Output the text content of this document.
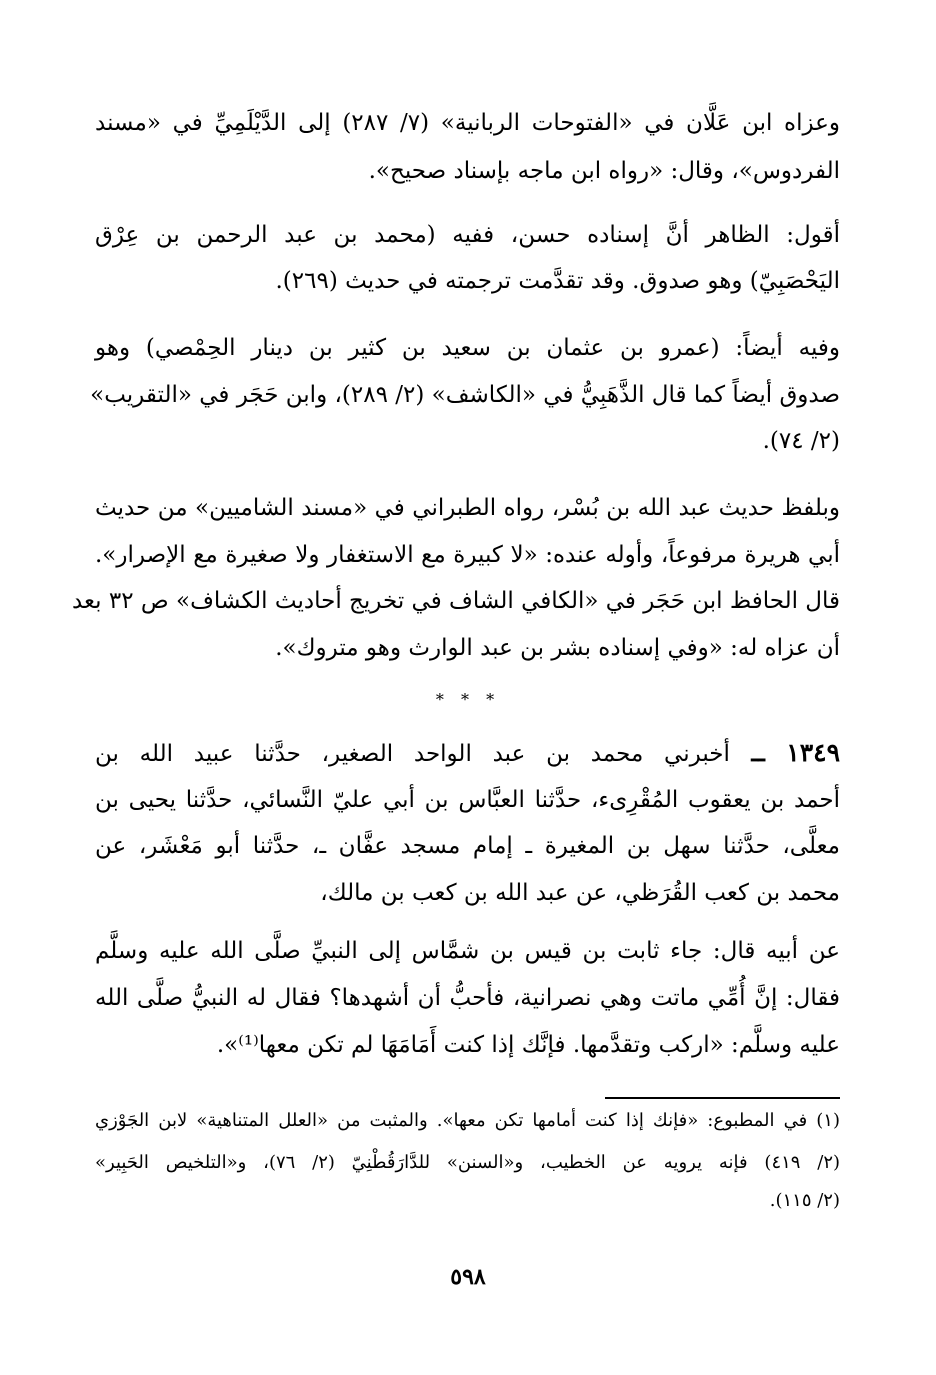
وعزاه ابن عَلَّان في «الفتوحات الربانية» (٧/ ٢٨٧) إلى الدَّيْلَمِيِّ في «مسند
الفردوس»، وقال: «رواه ابن ماجه بإسناد صحيح».
أقول: الظاهر أنَّ إسناده حسن، ففيه (محمد بن عبد الرحمن بن عِرْق
اليَحْصَبِيّ) وهو صدوق. وقد تقدَّمت ترجمته في حديث (٢٦٩).
وفيه أيضاً: (عمرو بن عثمان بن سعيد بن كثير بن دينار الحِمْصي) وهو
صدوق أيضاً كما قال الذَّهَبِيُّ في «الكاشف» (٢/ ٢٨٩)، وابن حَجَر في «التقريب»
(٢/ ٧٤).
وبلفظ حديث عبد الله بن بُسْر، رواه الطبراني في «مسند الشاميين» من حديث
أبي هريرة مرفوعاً، وأوله عنده: «لا كبيرة مع الاستغفار ولا صغيرة مع الإصرار».
قال الحافظ ابن حَجَر في «الكافي الشاف في تخريج أحاديث الكشاف» ص ٣٢ بعد
أن عزاه له: «وفي إسناده بشر بن عبد الوارث وهو متروك».
* * *
١٣٤٩ ــ أخبرني محمد بن عبد الواحد الصغير، حدَّثنا عبيد الله بن
أحمد بن يعقوب المُقْرِىء، حدَّثنا العبَّاس بن أبي عليّ النَّسائي، حدَّثنا يحيى بن
معلَّى، حدَّثنا سهل بن المغيرة ـ إمام مسجد عفَّان ـ، حدَّثنا أبو مَعْشَر، عن
محمد بن كعب القُرَظي، عن عبد الله بن كعب بن مالك،
عن أبيه قال: جاء ثابت بن قيس بن شمَّاس إلى النبيِّ صلَّى الله عليه وسلَّم
فقال: إنَّ أُمِّي ماتت وهي نصرانية، فأحبُّ أن أشهدها؟ فقال له النبيُّ صلَّى الله
عليه وسلَّم: «اركب وتقدَّمها. فإنَّك إذا كنت أَمَامَهَا لم تكن معها⁽¹⁾».
(١) في المطبوع: «فإنك إذا كنت أمامها تكن معها». والمثبت من «العلل المتناهية» لابن الجَوْزي
(٢/ ٤١٩) فإنه يرويه عن الخطيب، و«السنن» للدَّارَقُطْنِيّ (٢/ ٧٦)، و«التلخيص الحَبِير»
(٢/ ١١٥).
٥٩٨
